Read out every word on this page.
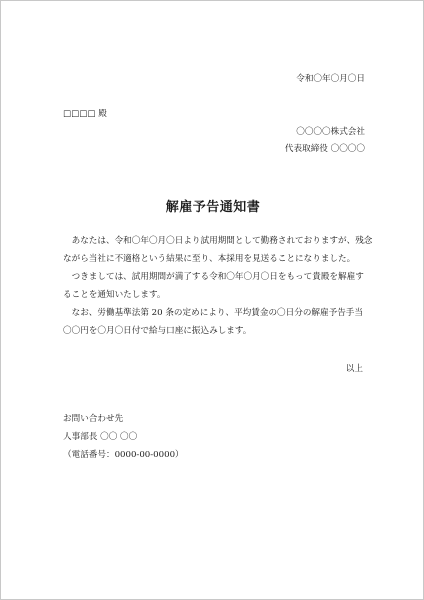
令和〇年〇月〇日
□□□□ 殿
〇〇〇〇株式会社
代表取締役 〇〇〇〇
解雇予告通知書
　あなたは、令和〇年〇月〇日より試用期間として勤務されておりますが、残念
ながら当社に不適格という結果に至り、本採用を見送ることになりました。
　つきましては、試用期間が満了する令和〇年〇月〇日をもって貴殿を解雇す
ることを通知いたします。
　なお、労働基準法第 20 条の定めにより、平均賃金の〇日分の解雇予告手当
〇〇円を〇月〇日付で給与口座に振込みします。
以上
お問い合わせ先
人事部長 〇〇 〇〇
（電話番号：0000-00-0000）
